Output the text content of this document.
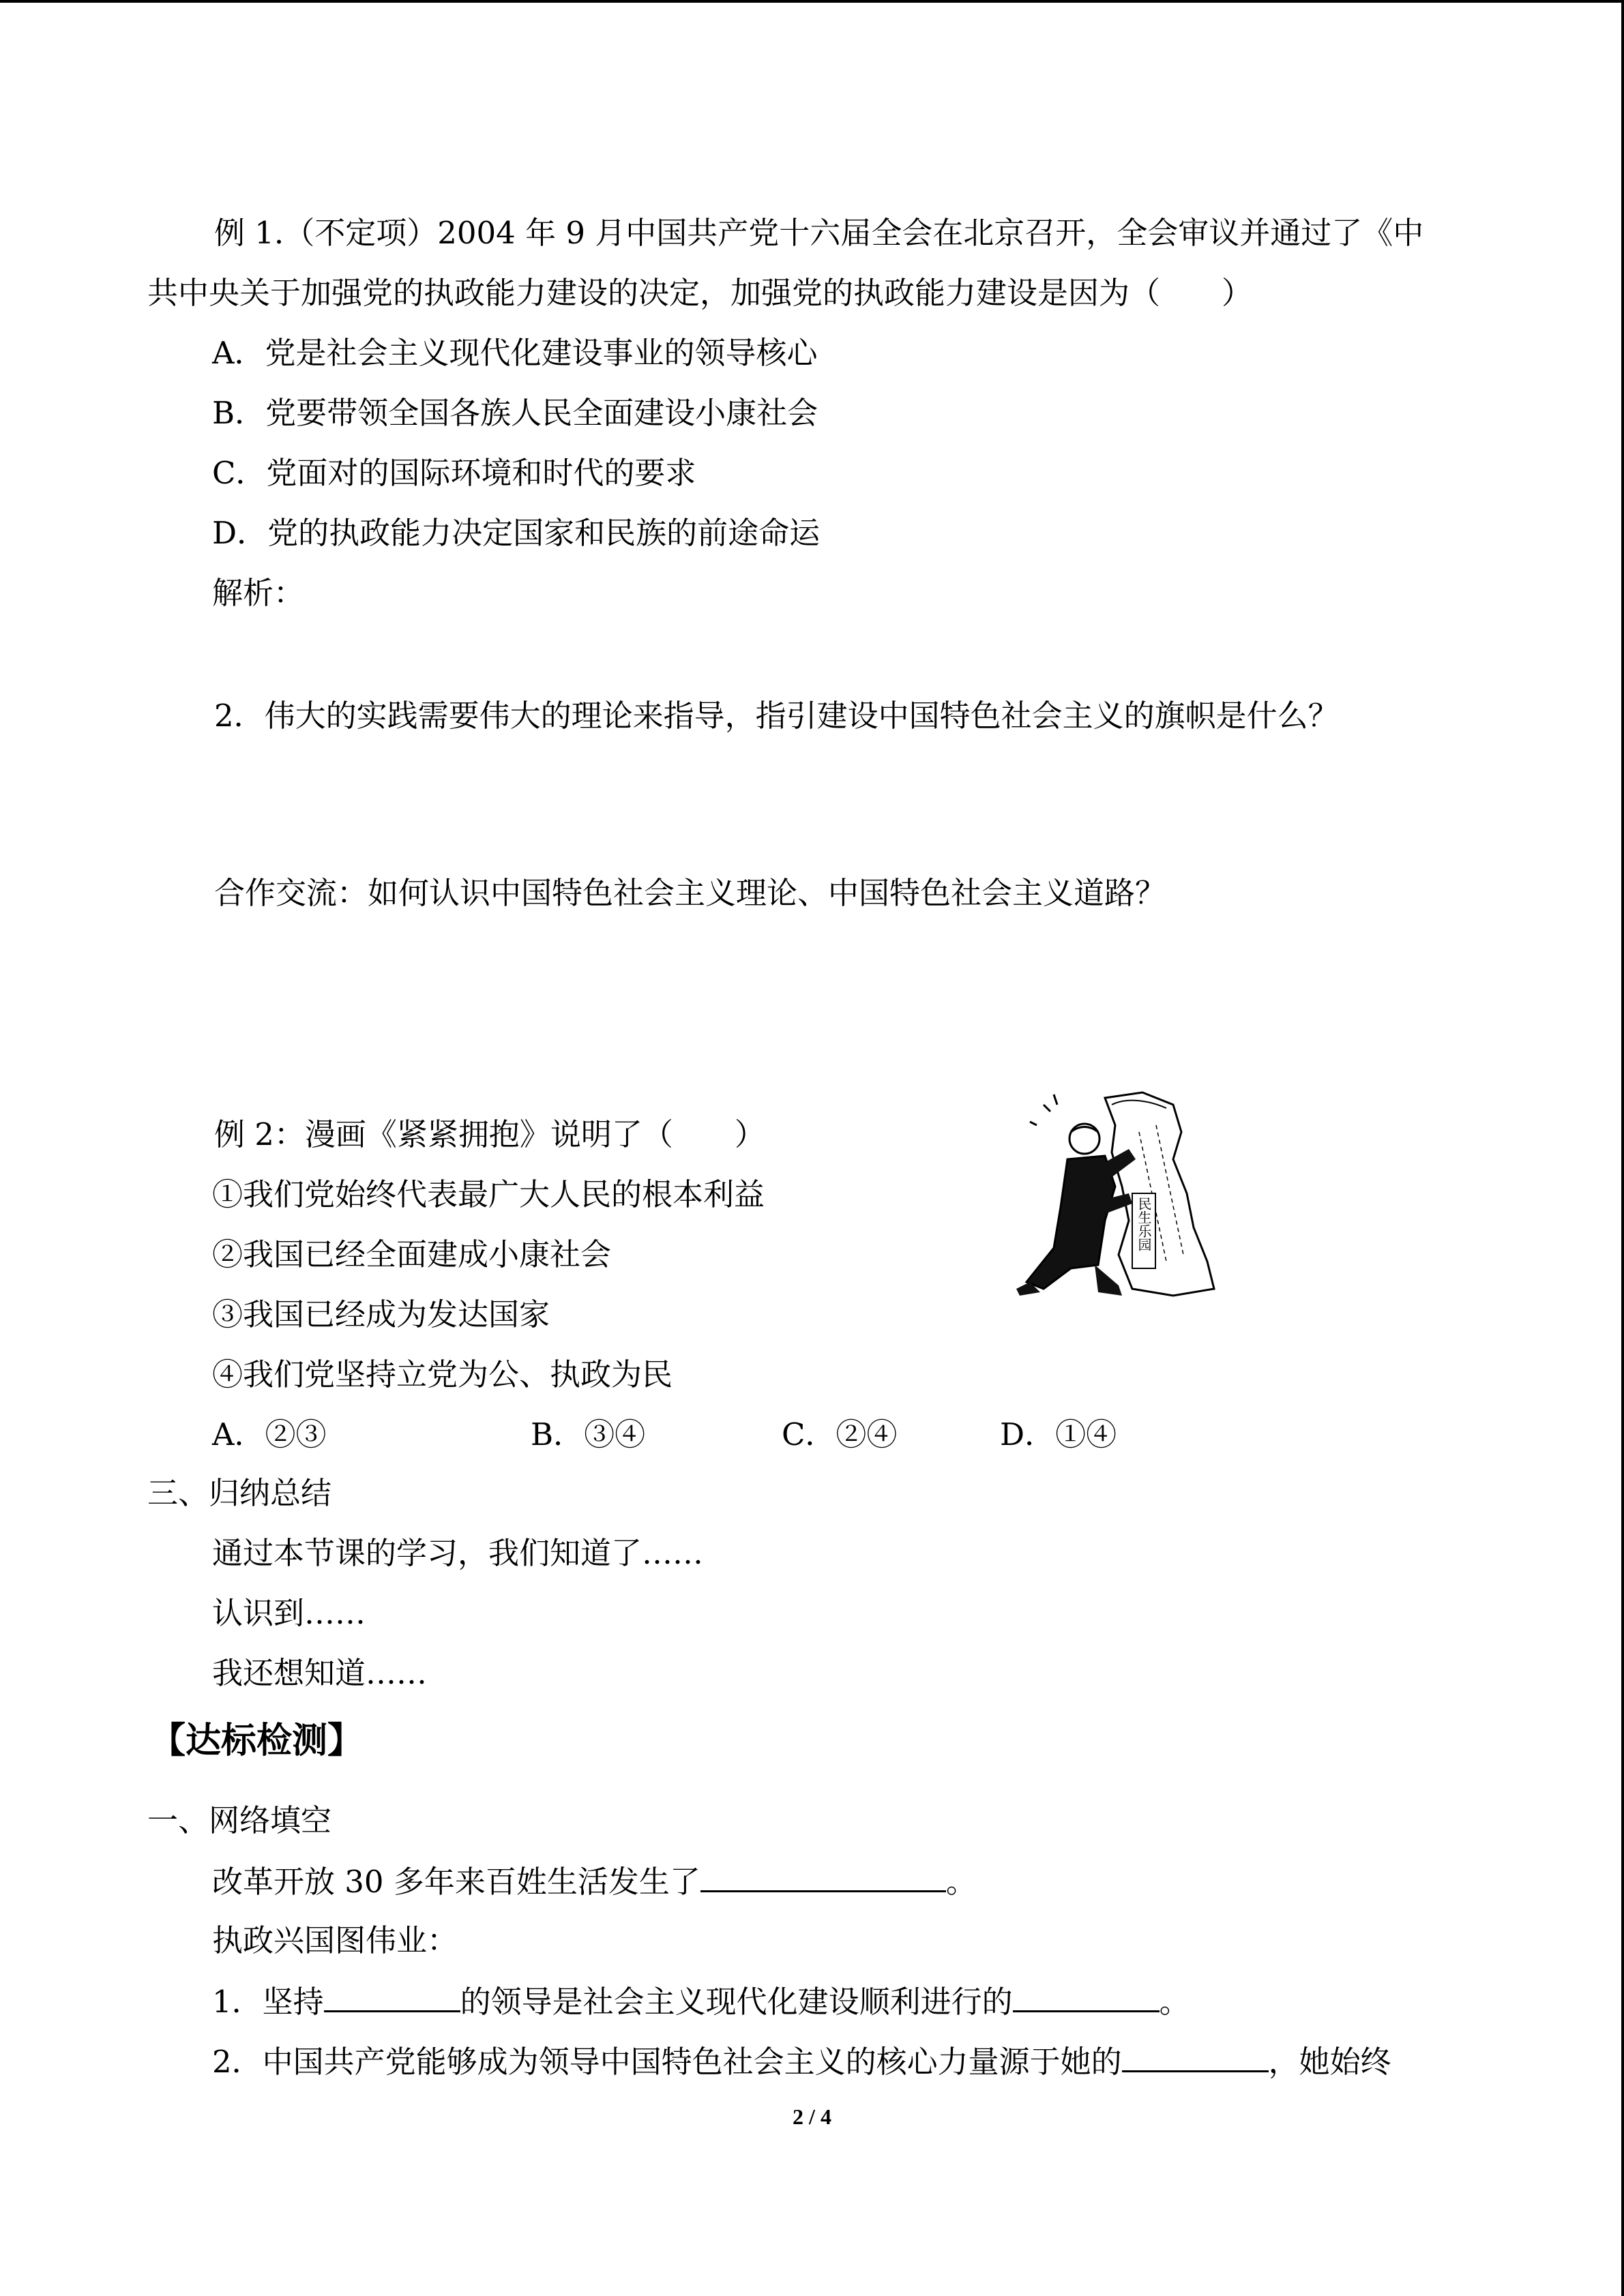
例 1.（不定项）2004 年 9 月中国共产党十六届全会在北京召开，全会审议并通过了《中
共中央关于加强党的执政能力建设的决定，加强党的执政能力建设是因为（　　）
A．党是社会主义现代化建设事业的领导核心
B．党要带领全国各族人民全面建设小康社会
C．党面对的国际环境和时代的要求
D．党的执政能力决定国家和民族的前途命运
解析：
2．伟大的实践需要伟大的理论来指导，指引建设中国特色社会主义的旗帜是什么？
合作交流：如何认识中国特色社会主义理论、中国特色社会主义道路？
例 2：漫画《紧紧拥抱》说明了（　　）
①我们党始终代表最广大人民的根本利益
②我国已经全面建成小康社会
③我国已经成为发达国家
④我们党坚持立党为公、执政为民
A．②③	B．③④	C．②④	D．①④
民生乐园
三、归纳总结
通过本节课的学习，我们知道了……
认识到……
我还想知道……
【达标检测】
一、网络填空
改革开放 30 多年来百姓生活发生了	。
执政兴国图伟业：
1．坚持	的领导是社会主义现代化建设顺利进行的	。
2．中国共产党能够成为领导中国特色社会主义的核心力量源于她的	，她始终
2 / 4
